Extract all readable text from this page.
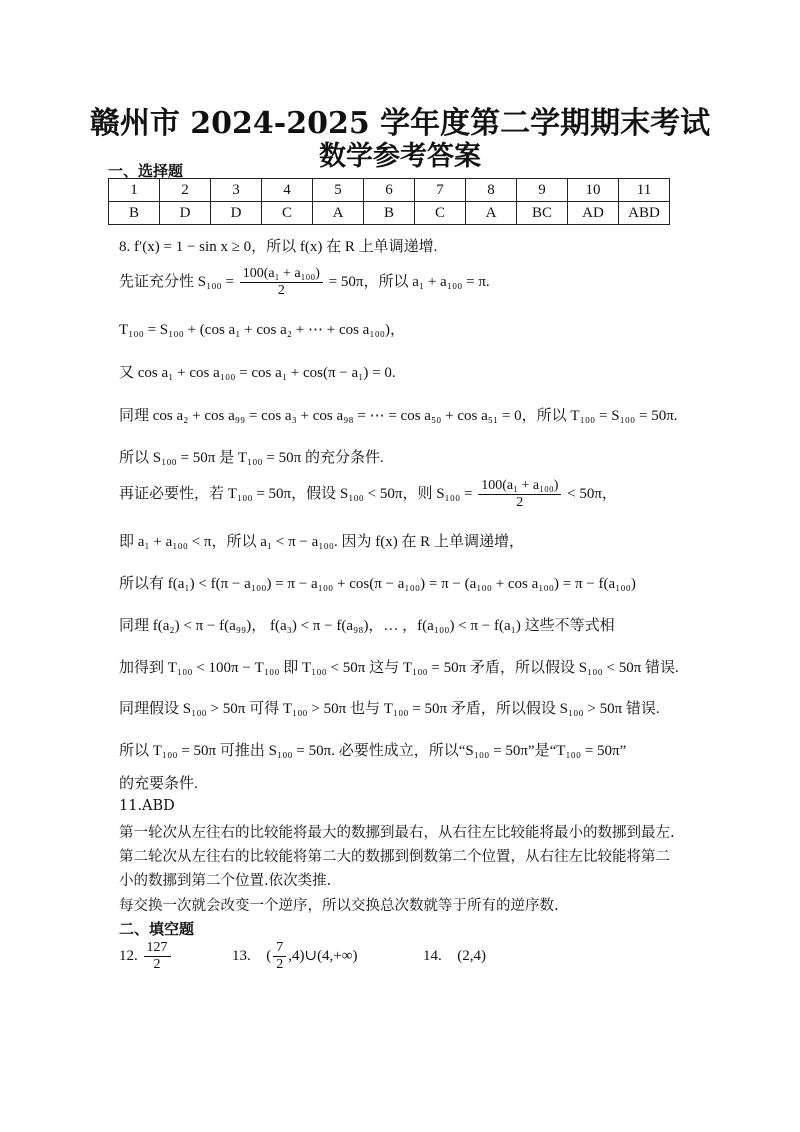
赣州市 2024-2025 学年度第二学期期末考试
数学参考答案
一、选择题
1	2	3	4	5	6	7	8	9	10	11
B	D	D	C	A	B	C	A	BC	AD	ABD
8. f′(x) = 1 − sin x ≥ 0，所以 f(x) 在 R 上单调递增.
先证充分性 $S_{100} = \frac{\text{100(a₁ + a₁₀₀)}}{2} = 50\pi$，所以 a₁ + a₁₀₀ = π.
T₁₀₀ = S₁₀₀ + (cos a₁ + cos a₂ + ⋯ + cos a₁₀₀)，
又 cos a₁ + cos a₁₀₀ = cos a₁ + cos(π − a₁) = 0.
同理 cos a₂ + cos a₉₉ = cos a₃ + cos a₉₈ = ⋯ = cos a₅₀ + cos a₅₁ = 0，所以 T₁₀₀ = S₁₀₀ = 50π.
所以 S₁₀₀ = 50π 是 T₁₀₀ = 50π 的充分条件.
再证必要性，若 T₁₀₀ = 50π，假设 S₁₀₀ < 50π，则 $S_{100} = \frac{\text{100(a₁ + a₁₀₀)}}{2} < 50\pi$，
即 a₁ + a₁₀₀ < π，所以 a₁ < π − a₁₀₀. 因为 f(x) 在 R 上单调递增，
所以有 f(a₁) < f(π − a₁₀₀) = π − a₁₀₀ + cos(π − a₁₀₀) = π − (a₁₀₀ + cos a₁₀₀) = π − f(a₁₀₀)
同理 f(a₂) < π − f(a₉₉)， f(a₃) < π − f(a₉₈)，… ，f(a₁₀₀) < π − f(a₁) 这些不等式相
加得到 T₁₀₀ < 100π − T₁₀₀ 即 T₁₀₀ < 50π 这与 T₁₀₀ = 50π 矛盾，所以假设 S₁₀₀ < 50π 错误.
同理假设 S₁₀₀ > 50π 可得 T₁₀₀ > 50π 也与 T₁₀₀ = 50π 矛盾，所以假设 S₁₀₀ > 50π 错误.
所以 T₁₀₀ = 50π 可推出 S₁₀₀ = 50π. 必要性成立，所以“S₁₀₀ = 50π”是“T₁₀₀ = 50π”
的充要条件.
11.ABD
第一轮次从左往右的比较能将最大的数挪到最右，从右往左比较能将最小的数挪到最左.
第二轮次从左往右的比较能将第二大的数挪到倒数第二个位置，从右往左比较能将第二
小的数挪到第二个位置.依次类推.
每交换一次就会改变一个逆序，所以交换总次数就等于所有的逆序数.
二、填空题
12. $\frac{127}{2}$	13. ( $\frac{7}{2}$ ,4)∪(4,+∞)	14. (2,4)
